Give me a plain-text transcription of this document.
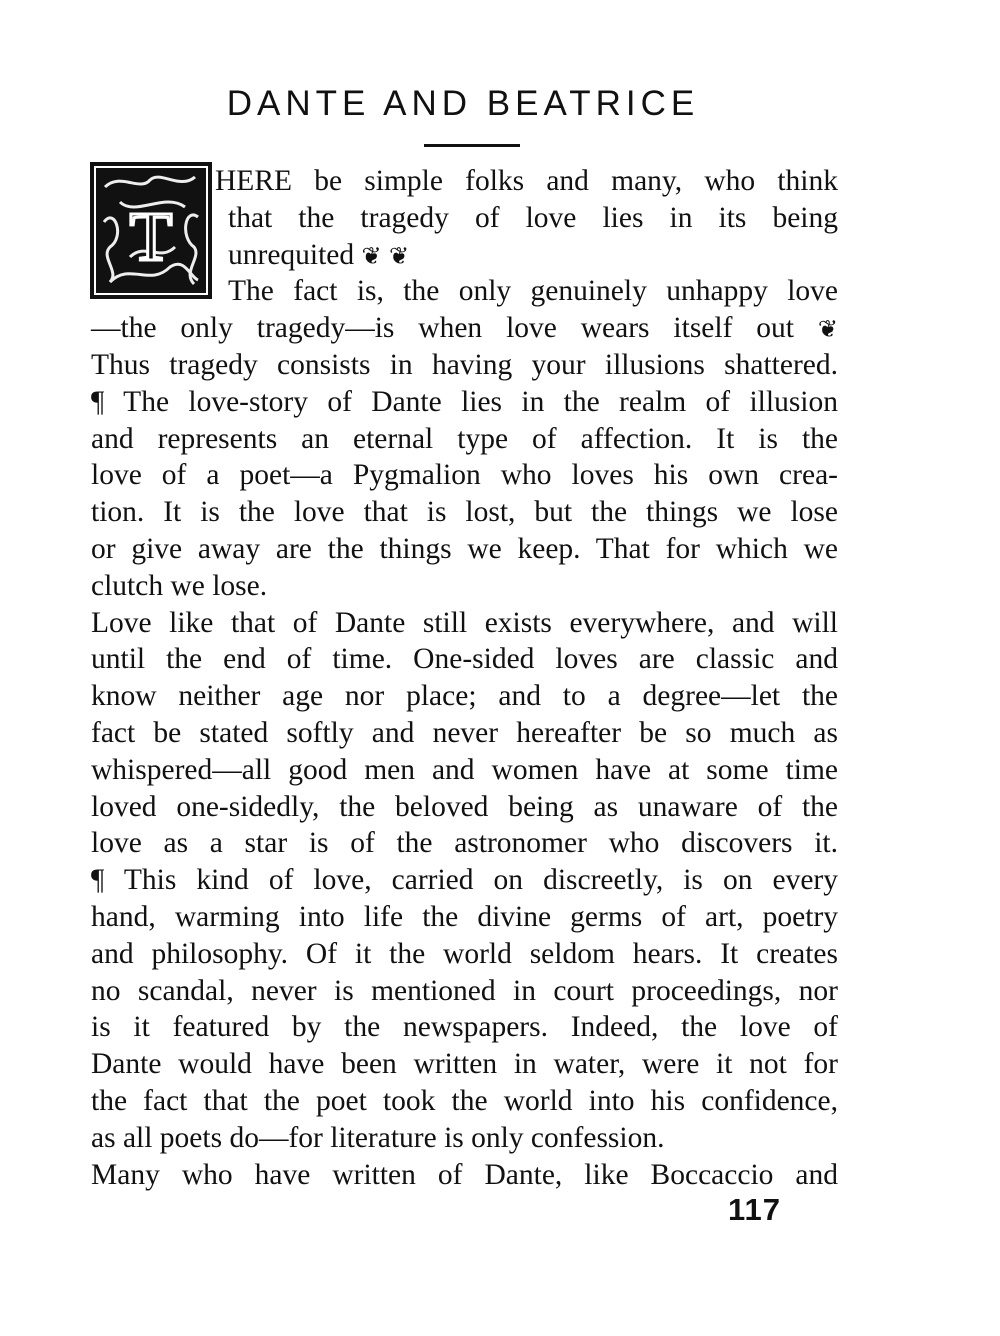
DANTE AND BEATRICE
T
HERE be simple folks and many, who think
that the tragedy of love lies in its being
unrequited ❦ ❦
The fact is, the only genuinely unhappy love
—the only tragedy—is when love wears itself out ❦
Thus tragedy consists in having your illusions shattered.
¶ The love-story of Dante lies in the realm of illusion
and represents an eternal type of affection. It is the
love of a poet—a Pygmalion who loves his own crea-
tion. It is the love that is lost, but the things we lose
or give away are the things we keep. That for which we
clutch we lose.
Love like that of Dante still exists everywhere, and will
until the end of time. One-sided loves are classic and
know neither age nor place; and to a degree—let the
fact be stated softly and never hereafter be so much as
whispered—all good men and women have at some time
loved one-sidedly, the beloved being as unaware of the
love as a star is of the astronomer who discovers it.
¶ This kind of love, carried on discreetly, is on every
hand, warming into life the divine germs of art, poetry
and philosophy. Of it the world seldom hears. It creates
no scandal, never is mentioned in court proceedings, nor
is it featured by the newspapers. Indeed, the love of
Dante would have been written in water, were it not for
the fact that the poet took the world into his confidence,
as all poets do—for literature is only confession.
Many who have written of Dante, like Boccaccio and
117
